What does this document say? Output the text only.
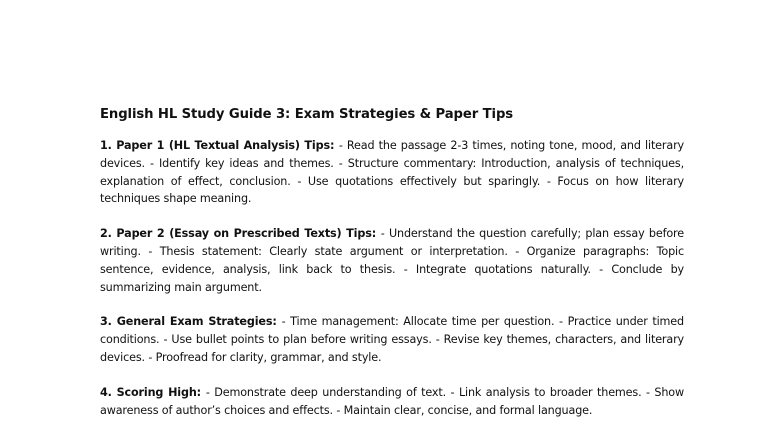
English HL Study Guide 3: Exam Strategies & Paper Tips

1. Paper 1 (HL Textual Analysis) Tips: - Read the passage 2-3 times, noting tone, mood, and literary devices. - Identify key ideas and themes. - Structure commentary: Introduction, analysis of techniques, explanation of effect, conclusion. - Use quotations effectively but sparingly. - Focus on how literary techniques shape meaning.

2. Paper 2 (Essay on Prescribed Texts) Tips: - Understand the question carefully; plan essay before writing. - Thesis statement: Clearly state argument or interpretation. - Organize paragraphs: Topic sentence, evidence, analysis, link back to thesis. - Integrate quotations naturally. - Conclude by summarizing main argument.

3. General Exam Strategies: - Time management: Allocate time per question. - Practice under timed conditions. - Use bullet points to plan before writing essays. - Revise key themes, characters, and literary devices. - Proofread for clarity, grammar, and style.

4. Scoring High: - Demonstrate deep understanding of text. - Link analysis to broader themes. - Show awareness of author’s choices and effects. - Maintain clear, concise, and formal language.
